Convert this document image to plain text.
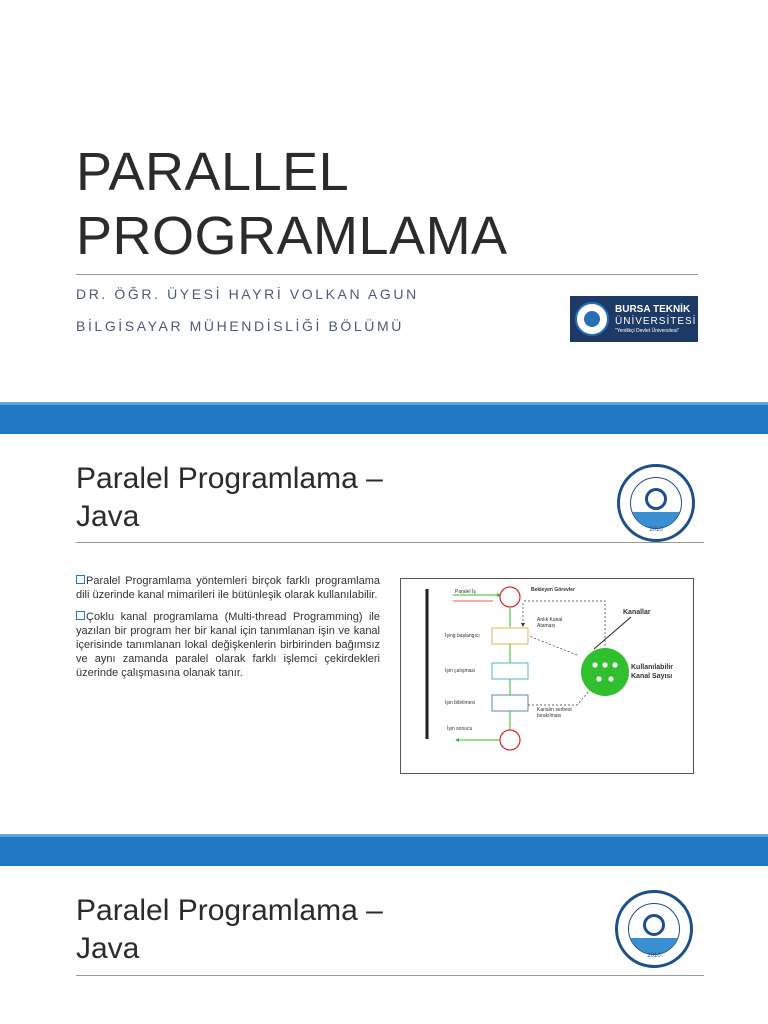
PARALLEL
PROGRAMLAMA
DR. ÖĞR. ÜYESİ HAYRİ VOLKAN AGUN
BİLGİSAYAR MÜHENDİSLİĞİ BÖLÜMÜ
BURSA TEKNİK
ÜNİVERSİTESİ
"Yenilikçi Devlet Üniversitesi"
Paralel Programlama –
Java	2010

Paralel Programlama yöntemleri birçok farklı programlama dili üzerinde kanal mimarileri ile bütünleşik olarak kullanılabilir.

Çoklu kanal programlama (Multi-thread Programming) ile yazılan bir program her bir kanal için tanımlanan işin ve kanal içerisinde tanımlanan lokal değişkenlerin birbirinden bağımsız ve aynı zamanda paralel olarak farklı işlemci çekirdekleri üzerinde çalışmasına olanak tanır.

Paralel İş	Bekleyen Görevler
Anlık Kanal
Ataması
İşing başlangıcı
İşin çalışması
İşin bitirilmesi
Kanalın serbest
bırakılması
İşin sonucu
Kanallar
Kullanılabilir
Kanal Sayısı
Paralel Programlama –
Java	2010
